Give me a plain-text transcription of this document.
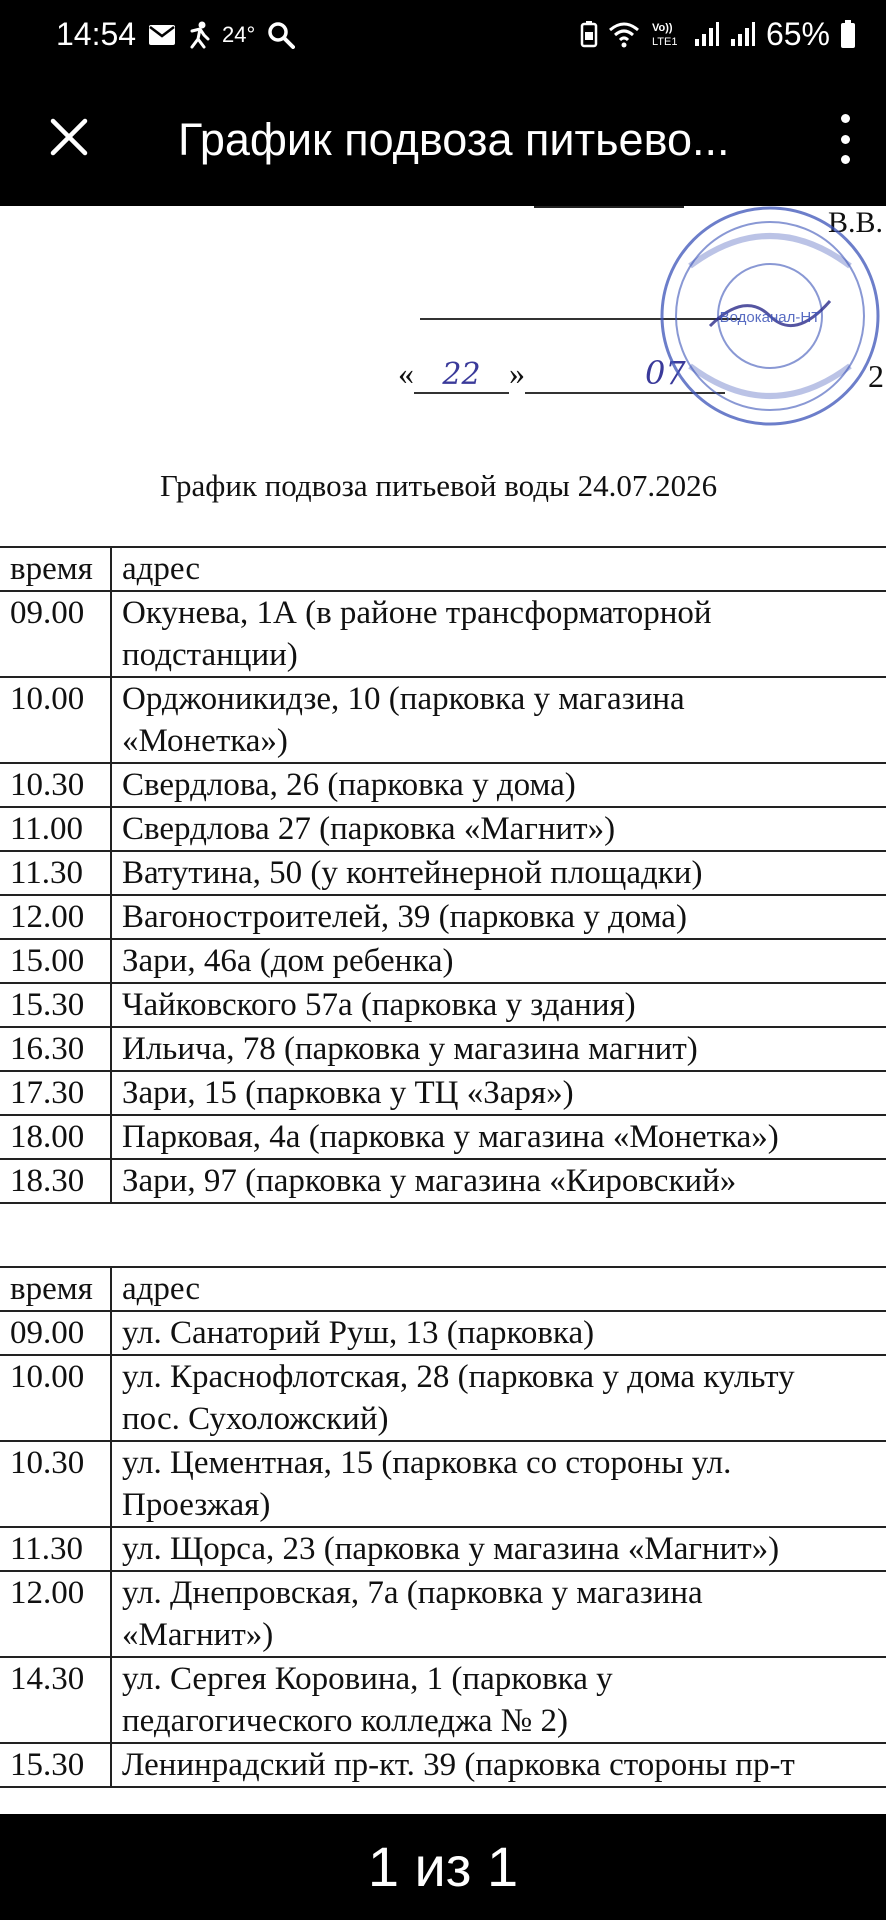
14:54	24°	Vo))
LTE1	65%
График подвоза питьево...
В.В.
« 22 »	07	2
Водоканал-НТ
График подвоза питьевой воды 24.07.2026
время	адрес
09.00	Окунева, 1А (в районе трансформаторной
подстанции)

10.00	Орджоникидзе, 10 (парковка у магазина
«Монетка»)

10.30	Свердлова, 26 (парковка у дома)

11.00	Свердлова 27 (парковка «Магнит»)

11.30	Ватутина, 50 (у контейнерной площадки)

12.00	Вагоностроителей, 39 (парковка у дома)

15.00	Зари, 46а (дом ребенка)

15.30	Чайковского 57а (парковка у здания)

16.30	Ильича, 78 (парковка у магазина магнит)

17.30	Зари, 15 (парковка у ТЦ «Заря»)

18.00	Парковая, 4а (парковка у магазина «Монетка»)

18.30	Зари, 97 (парковка у магазина «Кировский»
время	адрес
09.00	ул. Санаторий Руш, 13 (парковка)

10.00	ул. Краснофлотская, 28 (парковка у дома культу
пос. Сухоложский)

10.30	ул. Цементная, 15 (парковка со стороны ул.
Проезжая)

11.30	ул. Щорса, 23 (парковка у магазина «Магнит»)

12.00	ул. Днепровская, 7а (парковка у магазина
«Магнит»)

14.30	ул. Сергея Коровина, 1 (парковка у
педагогического колледжа № 2)

15.30	Ленинрадский пр-кт. 39 (парковка стороны пр-т
1 из 1
